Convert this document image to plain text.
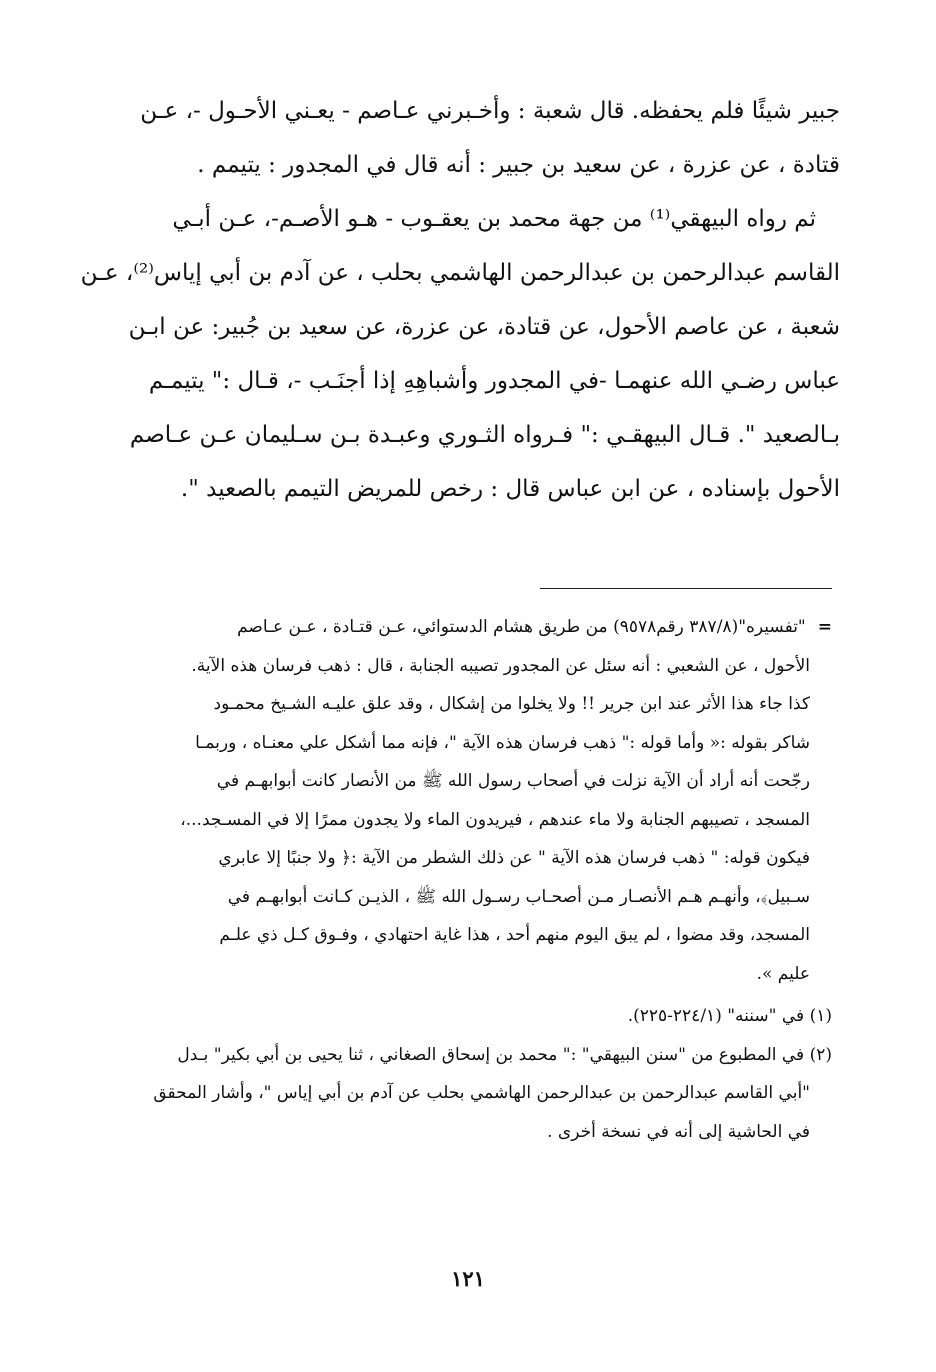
جبير شيئًا فلم يحفظه. قال شعبة : وأخـبرني عـاصم - يعـني الأحـول -، عـن
قتادة ، عن عزرة ، عن سعيد بن جبير : أنه قال في المجدور : يتيمم .
ثم رواه البيهقي⁽¹⁾ من جهة محمد بن يعقـوب - هـو الأصـم-، عـن أبـي
القاسم عبدالرحمن بن عبدالرحمن الهاشمي بحلب ، عن آدم بن أبي إياس⁽²⁾، عـن
شعبة ، عن عاصم الأحول، عن قتادة، عن عزرة، عن سعيد بن جُبير: عن ابـن
عباس رضـي الله عنهمـا -في المجدور وأشباهِهِ إذا أجنَـب -، قـال :" يتيمـم
بـالصعيد ". قـال البيهقـي :" فـرواه الثـوري وعبـدة بـن سـليمان عـن عـاصم
الأحول بإسناده ، عن ابن عباس قال : رخص للمريض التيمم بالصعيد ".
="تفسيره"(٣٨٧/٨ رقم٩٥٧٨) من طريق هشام الدستوائي، عـن قتـادة ، عـن عـاصم
الأحول ، عن الشعبي : أنه سئل عن المجدور تصيبه الجنابة ، قال : ذهب فرسان هذه الآية.
كذا جاء هذا الأثر عند ابن جرير !! ولا يخلوا من إشكال ، وقد علق عليـه الشـيخ محمـود
شاكر بقوله :« وأما قوله :" ذهب فرسان هذه الآية "، فإنه مما أشكل علي معنـاه ، وربمـا
رجّحت أنه أراد أن الآية نزلت في أصحاب رسول الله ﷺ من الأنصار كانت أبوابهـم في
المسجد ، تصيبهم الجنابة ولا ماء عندهم ، فيريدون الماء ولا يجدون ممرًا إلا في المسـجد...،
فيكون قوله: " ذهب فرسان هذه الآية " عن ذلك الشطر من الآية :﴿ ولا جنبًا إلا عابري
سـبيل﴾، وأنهـم هـم الأنصـار مـن أصحـاب رسـول الله ﷺ ، الذيـن كـانت أبوابهـم في
المسجد، وقد مضوا ، لم يبق اليوم منهم أحد ، هذا غاية احتهادي ، وفـوق كـل ذي علـم
عليم ».
(١) في "سننه" (٢٢٤/١-٢٢٥).
(٢) في المطبوع من "سنن البيهقي" :" محمد بن إسحاق الصغاني ، ثنا يحيى بن أبي بكير" بـدل
"أبي القاسم عبدالرحمن بن عبدالرحمن الهاشمي بحلب عن آدم بن أبي إياس "، وأشار المحقق
في الحاشية إلى أنه في نسخة أخرى .
١٢١
